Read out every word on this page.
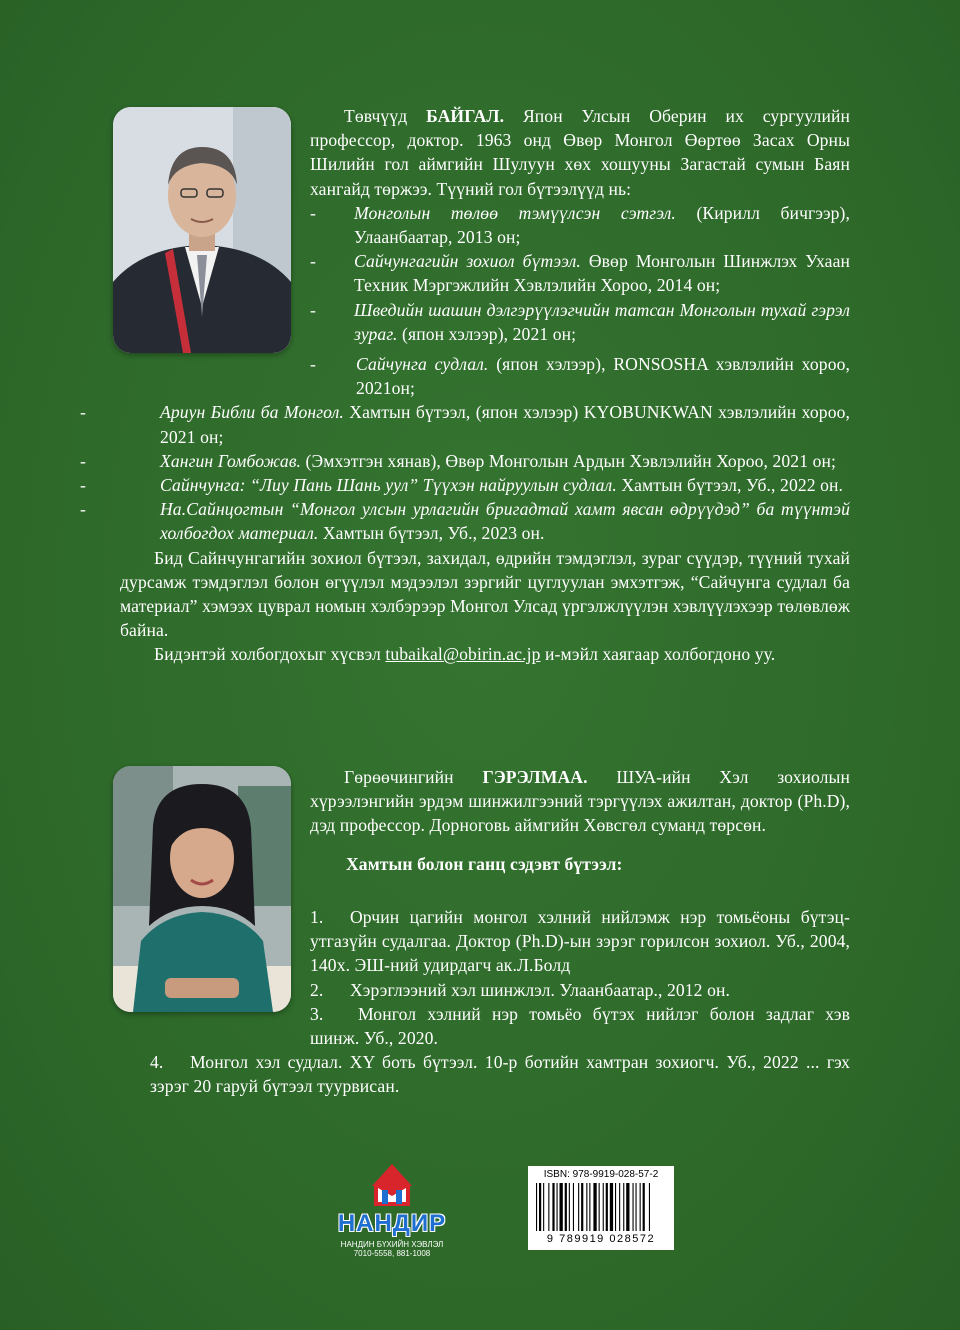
Төвчүүд БАЙГАЛ. Япон Улсын Оберин их сургуулийн профессор, доктор. 1963 онд Өвөр Монгол Өөртөө Засах Орны Шилийн гол аймгийн Шулуун хөх хошууны Загастай сумын Баян хангайд төржээ. Түүний гол бүтээлүүд нь:

- Монголын төлөө тэмүүлсэн сэтгэл. (Кирилл бичгээр), Улаанбаатар, 2013 он;

- Сайчунгагийн зохиол бүтээл. Өвөр Монголын Шинжлэх Ухаан Техник Мэргэжлийн Хэвлэлийн Хороо, 2014 он;

- Шведийн шашин дэлгэрүүлэгчийн татсан Монголын тухай гэрэл зураг. (япон хэлээр), 2021 он;

-	Сайчунга судлал. (япон хэлээр), RONSOSHA хэвлэлийн хороо, 2021он;

-	Ариун Библи ба Монгол. Хамтын бүтээл, (япон хэлээр) KYOBUNKWAN хэвлэлийн хороо, 2021 он;

-	Хангин Гомбожав. (Эмхэтгэн хянав), Өвөр Монголын Ардын Хэвлэлийн Хороо, 2021 он;

-	Сайнчунга: “Лиу Пань Шань уул” Түүхэн найруулын судлал. Хамтын бүтээл, Уб., 2022 он.

-	На.Сайнцогтын “Монгол улсын урлагийн бригадтай хамт явсан өдрүүдэд” ба түүнтэй холбогдох материал. Хамтын бүтээл, Уб., 2023 он.

Бид Сайнчунгагийн зохиол бүтээл, захидал, өдрийн тэмдэглэл, зураг сүүдэр, түүний тухай дурсамж тэмдэглэл болон өгүүлэл мэдээлэл зэргийг цуглуулан эмхэтгэж, “Сайчунга судлал ба материал” хэмээх цуврал номын хэлбэрээр Монгол Улсад үргэлжлүүлэн хэвлүүлэхээр төлөвлөж байна.

Бидэнтэй холбогдохыг хүсвэл tubaikal@obirin.ac.jp и-мэйл хаягаар холбогдоно уу.

Гөрөөчингийн ГЭРЭЛМАА. ШУА-ийн Хэл зохиолын хүрээлэнгийн эрдэм шинжилгээний тэргүүлэх ажилтан, доктор (Ph.D), дэд профессор. Дорноговь аймгийн Хөвсгөл суманд төрсөн.

Хамтын болон ганц сэдэвт бүтээл:

1. Орчин цагийн монгол хэлний нийлэмж нэр томьёоны бүтэц-утгазүйн судалгаа. Доктор (Ph.D)-ын зэрэг горилсон зохиол. Уб., 2004, 140х. ЭШ-ний удирдагч ак.Л.Болд

2. Хэрэглээний хэл шинжлэл. Улаанбаатар., 2012 он.

3. Монгол хэлний нэр томьёо бүтэх нийлэг болон задлаг хэв шинж. Уб., 2020.

4. Монгол хэл судлал. XY боть бүтээл. 10-р ботийн хамтран зохиогч. Уб., 2022 ... гэх зэрэг 20 гаруй бүтээл туурвисан.

НАНДИР
НАНДИН БҮХИЙН ХЭВЛЭЛ
7010-5558, 881-1008
ISBN: 978-9919-028-57-2
9 789919 028572
